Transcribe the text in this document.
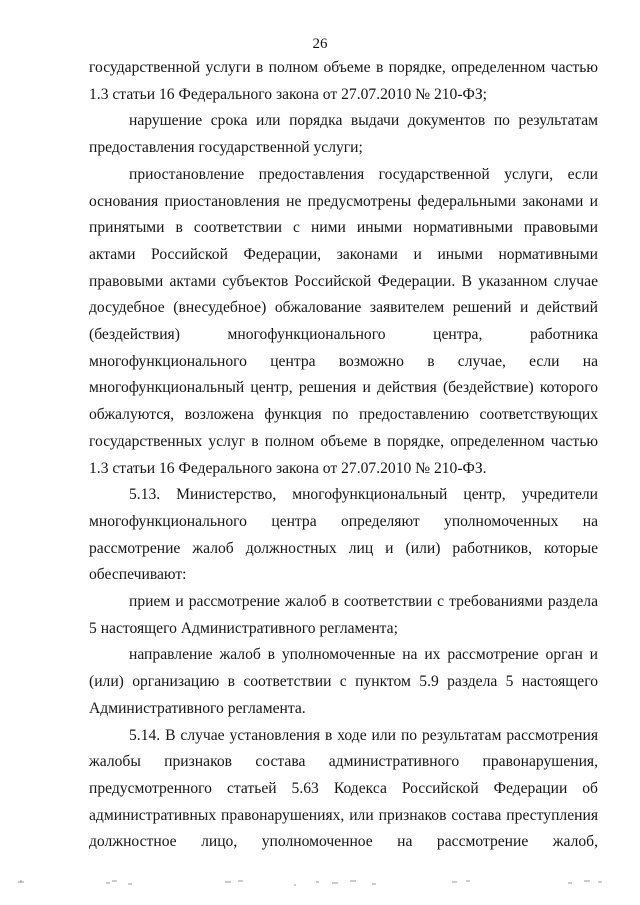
26

государственной услуги в полном объеме в порядке, определенном частью 1.3 статьи 16 Федерального закона от 27.07.2010 № 210-ФЗ;

нарушение срока или порядка выдачи документов по результатам предоставления государственной услуги;

приостановление предоставления государственной услуги, если основания приостановления не предусмотрены федеральными законами и принятыми в соответствии с ними иными нормативными правовыми актами Российской Федерации, законами и иными нормативными правовыми актами субъектов Российской Федерации. В указанном случае досудебное (внесудебное) обжалование заявителем решений и действий (бездействия) многофункционального центра, работника многофункционального центра возможно в случае, если на многофункциональный центр, решения и действия (бездействие) которого обжалуются, возложена функция по предоставлению соответствующих государственных услуг в полном объеме в порядке, определенном частью 1.3 статьи 16 Федерального закона от 27.07.2010 № 210-ФЗ.

5.13. Министерство, многофункциональный центр, учредители многофункционального центра определяют уполномоченных на рассмотрение жалоб должностных лиц и (или) работников, которые обеспечивают:

прием и рассмотрение жалоб в соответствии с требованиями раздела 5 настоящего Административного регламента;

направление жалоб в уполномоченные на их рассмотрение орган и (или) организацию в соответствии с пунктом 5.9 раздела 5 настоящего Административного регламента.

5.14. В случае установления в ходе или по результатам рассмотрения жалобы признаков состава административного правонарушения, предусмотренного статьей 5.63 Кодекса Российской Федерации об административных правонарушениях, или признаков состава преступления должностное лицо, уполномоченное на рассмотрение жалоб,
